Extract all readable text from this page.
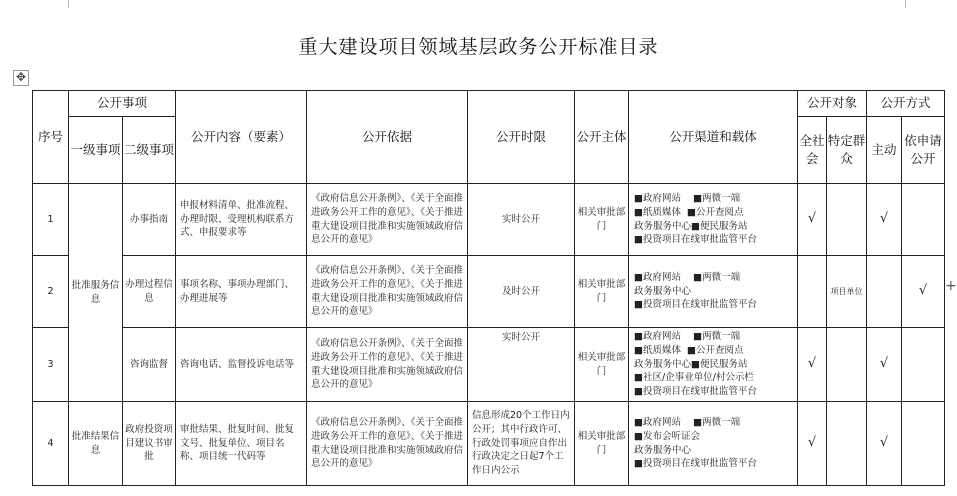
重大建设项目领域基层政务公开标准目录
✥
+
序号	公开事项		公开内容（要素）	公开依据	公开时限	公开主体	公开渠道和载体	公开对象		公开方式	
	一级事项	二级事项						全社会	特定群众	主动	依申请公开
1	批准服务信息	办事指南	申报材料清单、批准流程、办理时限、受理机构联系方式、申报要求等	《政府信息公开条例》、《关于全面推进政务公开工作的意见》、《关于推进重大建设项目批准和实施领域政府信息公开的意见》	实时公开	相关审批部门	■政府网站 ■两微一端
■纸质媒体 ■公开查阅点
政务服务中心■便民服务站
■投资项目在线审批监管平台	√		√	
2		办理过程信息	事项名称、事项办理部门、办理进展等	《政府信息公开条例》、《关于全面推进政务公开工作的意见》、《关于推进重大建设项目批准和实施领域政府信息公开的意见》	及时公开	相关审批部门	■政府网站 ■两微一端
政务服务中心
■投资项目在线审批监管平台		项目单位		√
3		咨询监督	咨询电话、监督投诉电话等	《政府信息公开条例》、《关于全面推进政务公开工作的意见》、《关于推进重大建设项目批准和实施领域政府信息公开的意见》	实时公开	相关审批部门	■政府网站 ■两微一端
■纸质媒体 ■公开查阅点
政务服务中心■便民服务站
■社区/企事业单位/村公示栏
■投资项目在线审批监管平台	√		√	
4	批准结果信息	政府投资项目建议书审批	审批结果、批复时间、批复文号、批复单位、项目名称、项目统一代码等	《政府信息公开条例》、《关于全面推进政务公开工作的意见》、《关于推进重大建设项目批准和实施领域政府信息公开的意见》	信息形成20个工作日内公开；其中行政许可、行政处罚事项应自作出行政决定之日起7个工作日内公示	相关审批部门	■政府网站 ■两微一端
■发布会听证会
政务服务中心
■投资项目在线审批监管平台	√		√	
